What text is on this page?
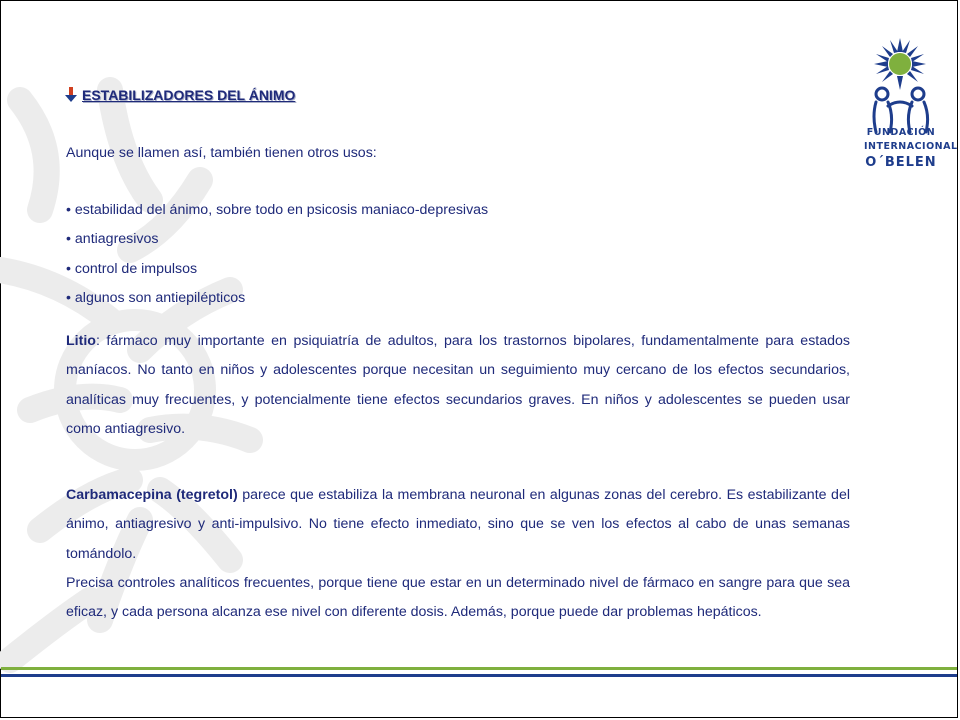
FUNDACIÓN
INTERNACIONAL
O´BELEN
ESTABILIZADORES DEL ÁNIMO
Aunque se llamen así, también tienen otros usos:
• estabilidad del ánimo, sobre todo en psicosis maniaco-depresivas
• antiagresivos
• control de impulsos
• algunos son antiepilépticos
Litio: fármaco muy importante en psiquiatría de adultos, para los trastornos bipolares, fundamentalmente para estados maníacos. No tanto en niños y adolescentes porque necesitan un seguimiento muy cercano de los efectos secundarios, analíticas muy frecuentes, y potencialmente tiene efectos secundarios graves. En niños y adolescentes se pueden usar como antiagresivo.
Carbamacepina (tegretol) parece que estabiliza la membrana neuronal en algunas zonas del cerebro. Es estabilizante del ánimo, antiagresivo y anti-impulsivo. No tiene efecto inmediato, sino que se ven los efectos al cabo de unas semanas tomándolo.
Precisa controles analíticos frecuentes, porque tiene que estar en un determinado nivel de fármaco en sangre para que sea eficaz, y cada persona alcanza ese nivel con diferente dosis. Además, porque puede dar problemas hepáticos.
